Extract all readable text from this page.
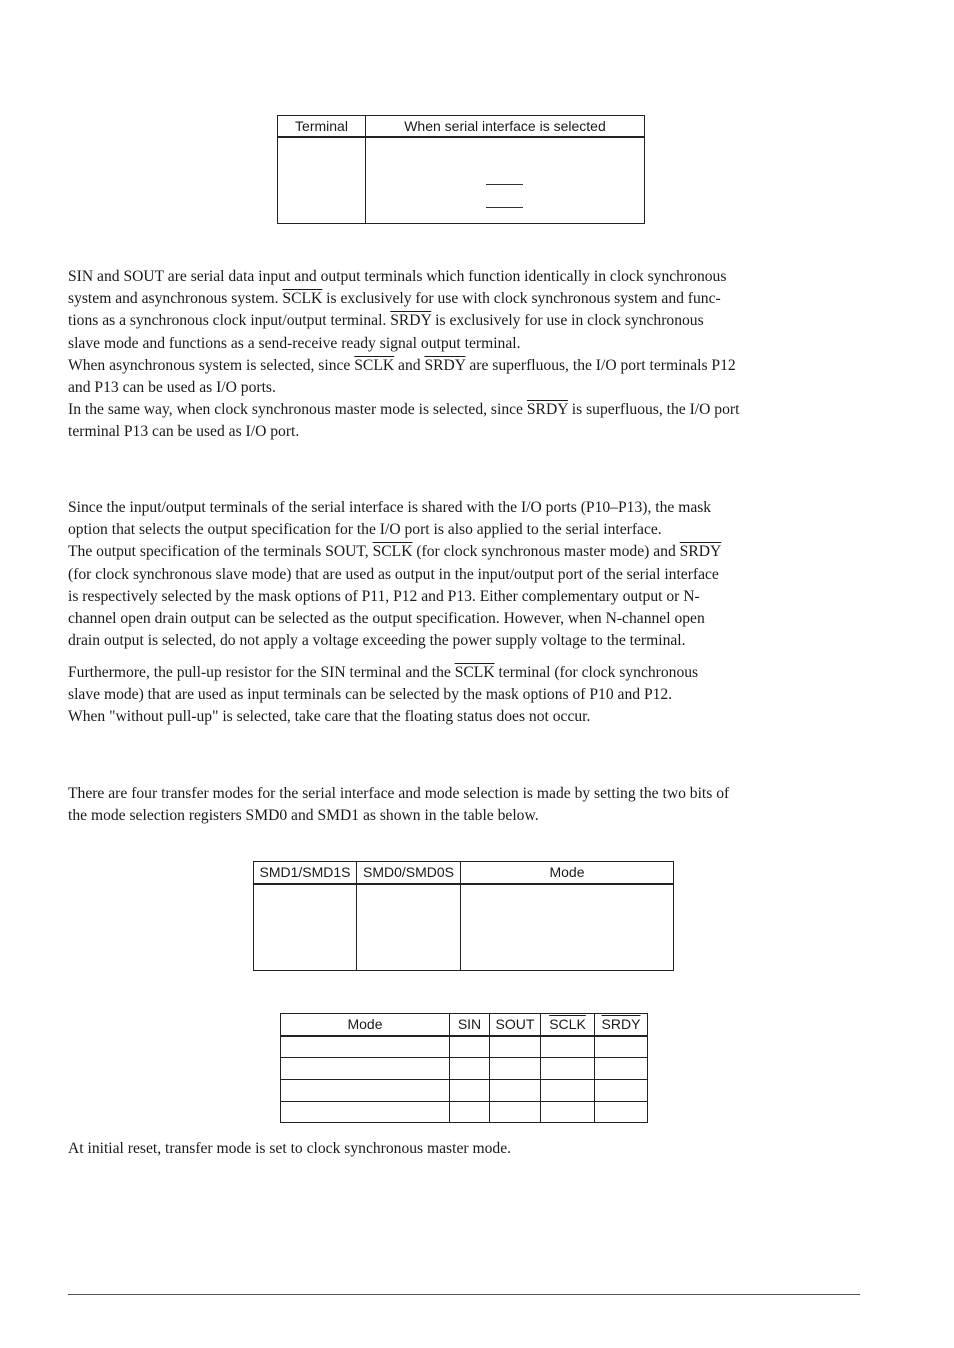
Terminal	When serial interface is selected

SIN and SOUT are serial data input and output terminals which function identically in clock synchronous
system and asynchronous system. SCLK is exclusively for use with clock synchronous system and func-
tions as a synchronous clock input/output terminal. SRDY is exclusively for use in clock synchronous
slave mode and functions as a send-receive ready signal output terminal.
When asynchronous system is selected, since SCLK and SRDY are superfluous, the I/O port terminals P12
and P13 can be used as I/O ports.
In the same way, when clock synchronous master mode is selected, since SRDY is superfluous, the I/O port
terminal P13 can be used as I/O port.

Since the input/output terminals of the serial interface is shared with the I/O ports (P10–P13), the mask
option that selects the output specification for the I/O port is also applied to the serial interface.
The output specification of the terminals SOUT, SCLK (for clock synchronous master mode) and SRDY
(for clock synchronous slave mode) that are used as output in the input/output port of the serial interface
is respectively selected by the mask options of P11, P12 and P13. Either complementary output or N-
channel open drain output can be selected as the output specification. However, when N-channel open
drain output is selected, do not apply a voltage exceeding the power supply voltage to the terminal.

Furthermore, the pull-up resistor for the SIN terminal and the SCLK terminal (for clock synchronous
slave mode) that are used as input terminals can be selected by the mask options of P10 and P12.
When "without pull-up" is selected, take care that the floating status does not occur.

There are four transfer modes for the serial interface and mode selection is made by setting the two bits of
the mode selection registers SMD0 and SMD1 as shown in the table below.

SMD1/SMD1S	SMD0/SMD0S	Mode

Mode	SIN	SOUT	SCLK	SRDY

At initial reset, transfer mode is set to clock synchronous master mode.
